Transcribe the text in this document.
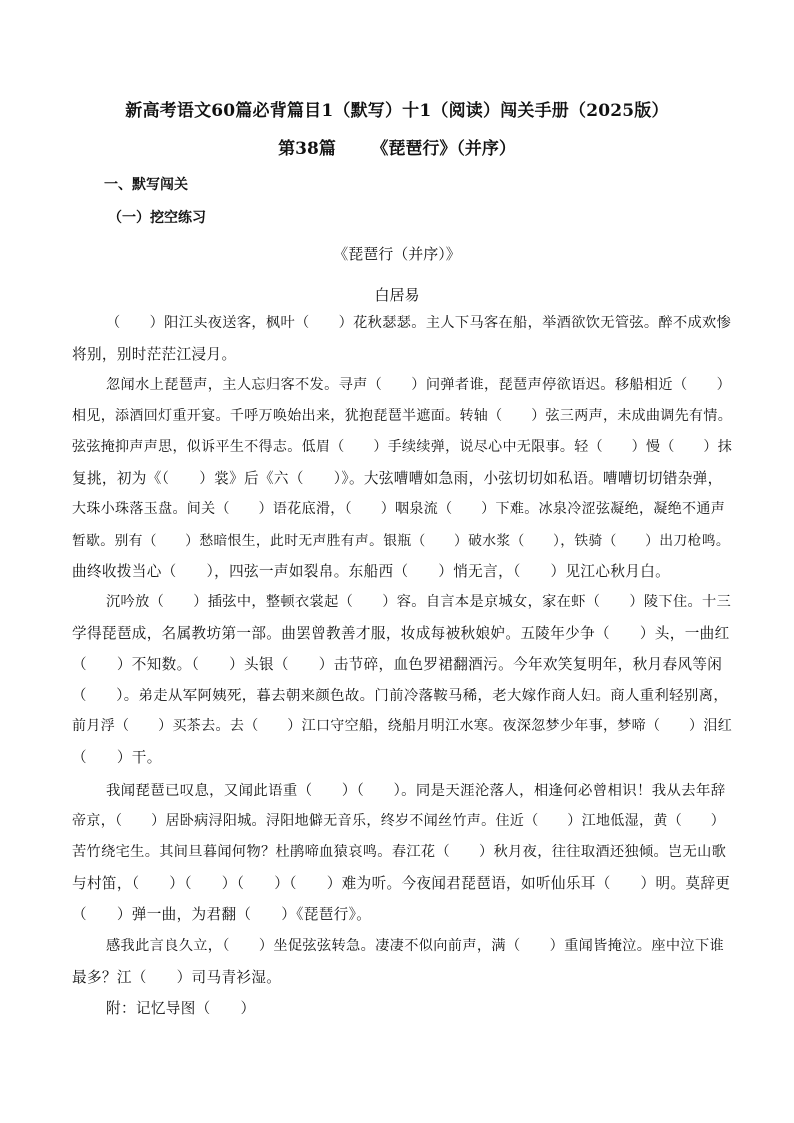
新高考语文60篇必背篇目1（默写）十1（阅读）闯关手册（2025版）
第38篇 《琵琶行》（并序）
一、默写闯关
（一）挖空练习
《琵琶行（并序）》
白居易
（　　）阳江头夜送客，枫叶（　　）花秋瑟瑟。主人下马客在船，举酒欲饮无管弦。醉不成欢惨
将别，别时茫茫江浸月。
忽闻水上琵琶声，主人忘归客不发。寻声（　　）问弹者谁，琵琶声停欲语迟。移船相近（　　）
相见，添酒回灯重开宴。千呼万唤始出来，犹抱琵琶半遮面。转轴（　　）弦三两声，未成曲调先有情。
弦弦掩抑声声思，似诉平生不得志。低眉（　　）手续续弹，说尽心中无限事。轻（　　）慢（　　）抹
复挑，初为《（　　）裳》后《六（　　）》。大弦嘈嘈如急雨，小弦切切如私语。嘈嘈切切错杂弹，
大珠小珠落玉盘。间关（　　）语花底滑，（　　）咽泉流（　　）下难。冰泉冷涩弦凝绝，凝绝不通声
暂歇。别有（　　）愁暗恨生，此时无声胜有声。银瓶（　　）破水浆（　　），铁骑（　　）出刀枪鸣。
曲终收拨当心（　　），四弦一声如裂帛。东船西（　　）悄无言，（　　）见江心秋月白。
沉吟放（　　）插弦中，整顿衣裳起（　　）容。自言本是京城女，家在虾（　　）陵下住。十三
学得琵琶成，名属教坊第一部。曲罢曾教善才服，妆成每被秋娘妒。五陵年少争（　　）头，一曲红
（　　）不知数。（　　）头银（　　）击节碎，血色罗裙翻酒污。今年欢笑复明年，秋月春风等闲
（　　）。弟走从军阿姨死，暮去朝来颜色故。门前冷落鞍马稀，老大嫁作商人妇。商人重利轻别离，
前月浮（　　）买茶去。去（　　）江口守空船，绕船月明江水寒。夜深忽梦少年事，梦啼（　　）泪红
（　　）干。
我闻琵琶已叹息，又闻此语重（　　）（　　）。同是天涯沦落人，相逢何必曾相识！我从去年辞
帝京，（　　）居卧病浔阳城。浔阳地僻无音乐，终岁不闻丝竹声。住近（　　）江地低湿，黄（　　）
苦竹绕宅生。其间旦暮闻何物？杜鹃啼血猿哀鸣。春江花（　　）秋月夜，往往取酒还独倾。岂无山歌
与村笛，（　　）（　　）（　　）（　　）难为听。今夜闻君琵琶语，如听仙乐耳（　　）明。莫辞更
（　　）弹一曲，为君翻（　　）《琵琶行》。
感我此言良久立，（　　）坐促弦弦转急。凄凄不似向前声，满（　　）重闻皆掩泣。座中泣下谁
最多？江（　　）司马青衫湿。
附：记忆导图（　　）
